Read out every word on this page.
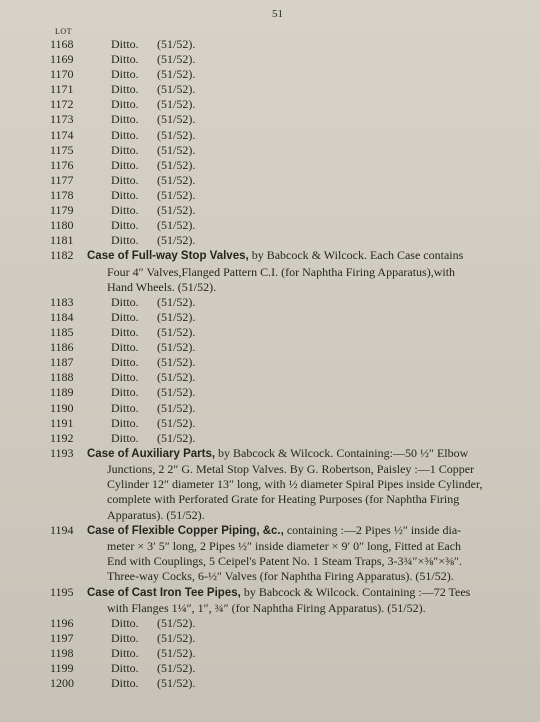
51
LOT
1168	Ditto. (51/52).
1169	Ditto. (51/52).
1170	Ditto. (51/52).
1171	Ditto. (51/52).
1172	Ditto. (51/52).
1173	Ditto. (51/52).
1174	Ditto. (51/52).
1175	Ditto. (51/52).
1176	Ditto. (51/52).
1177	Ditto. (51/52).
1178	Ditto. (51/52).
1179	Ditto. (51/52).
1180	Ditto. (51/52).
1181	Ditto. (51/52).
1182 Case of Full-way Stop Valves, by Babcock & Wilcock. Each Case contains
Four 4″ Valves,Flanged Pattern C.I. (for Naphtha Firing Apparatus),with
Hand Wheels. (51/52).
1183	Ditto. (51/52).
1184	Ditto. (51/52).
1185	Ditto. (51/52).
1186	Ditto. (51/52).
1187	Ditto. (51/52).
1188	Ditto. (51/52).
1189	Ditto. (51/52).
1190	Ditto. (51/52).
1191	Ditto. (51/52).
1192	Ditto. (51/52).
1193 Case of Auxiliary Parts, by Babcock & Wilcock. Containing:—50 ½″ Elbow
Junctions, 2 2″ G. Metal Stop Valves. By G. Robertson, Paisley :—1 Copper
Cylinder 12″ diameter 13″ long, with ½ diameter Spiral Pipes inside Cylinder,
complete with Perforated Grate for Heating Purposes (for Naphtha Firing
Apparatus). (51/52).
1194 Case of Flexible Copper Piping, &c., containing :—2 Pipes ½″ inside dia-
meter × 3′ 5″ long, 2 Pipes ½″ inside diameter × 9′ 0″ long, Fitted at Each
End with Couplings, 5 Ceipel's Patent No. 1 Steam Traps, 3-3¾″×⅜″×⅜″.
Three-way Cocks, 6-½″ Valves (for Naphtha Firing Apparatus). (51/52).
1195 Case of Cast Iron Tee Pipes, by Babcock & Wilcock. Containing :—72 Tees
with Flanges 1¼″, 1″, ¾″ (for Naphtha Firing Apparatus). (51/52).
1196	Ditto. (51/52).
1197	Ditto. (51/52).
1198	Ditto. (51/52).
1199	Ditto. (51/52).
1200	Ditto. (51/52).
